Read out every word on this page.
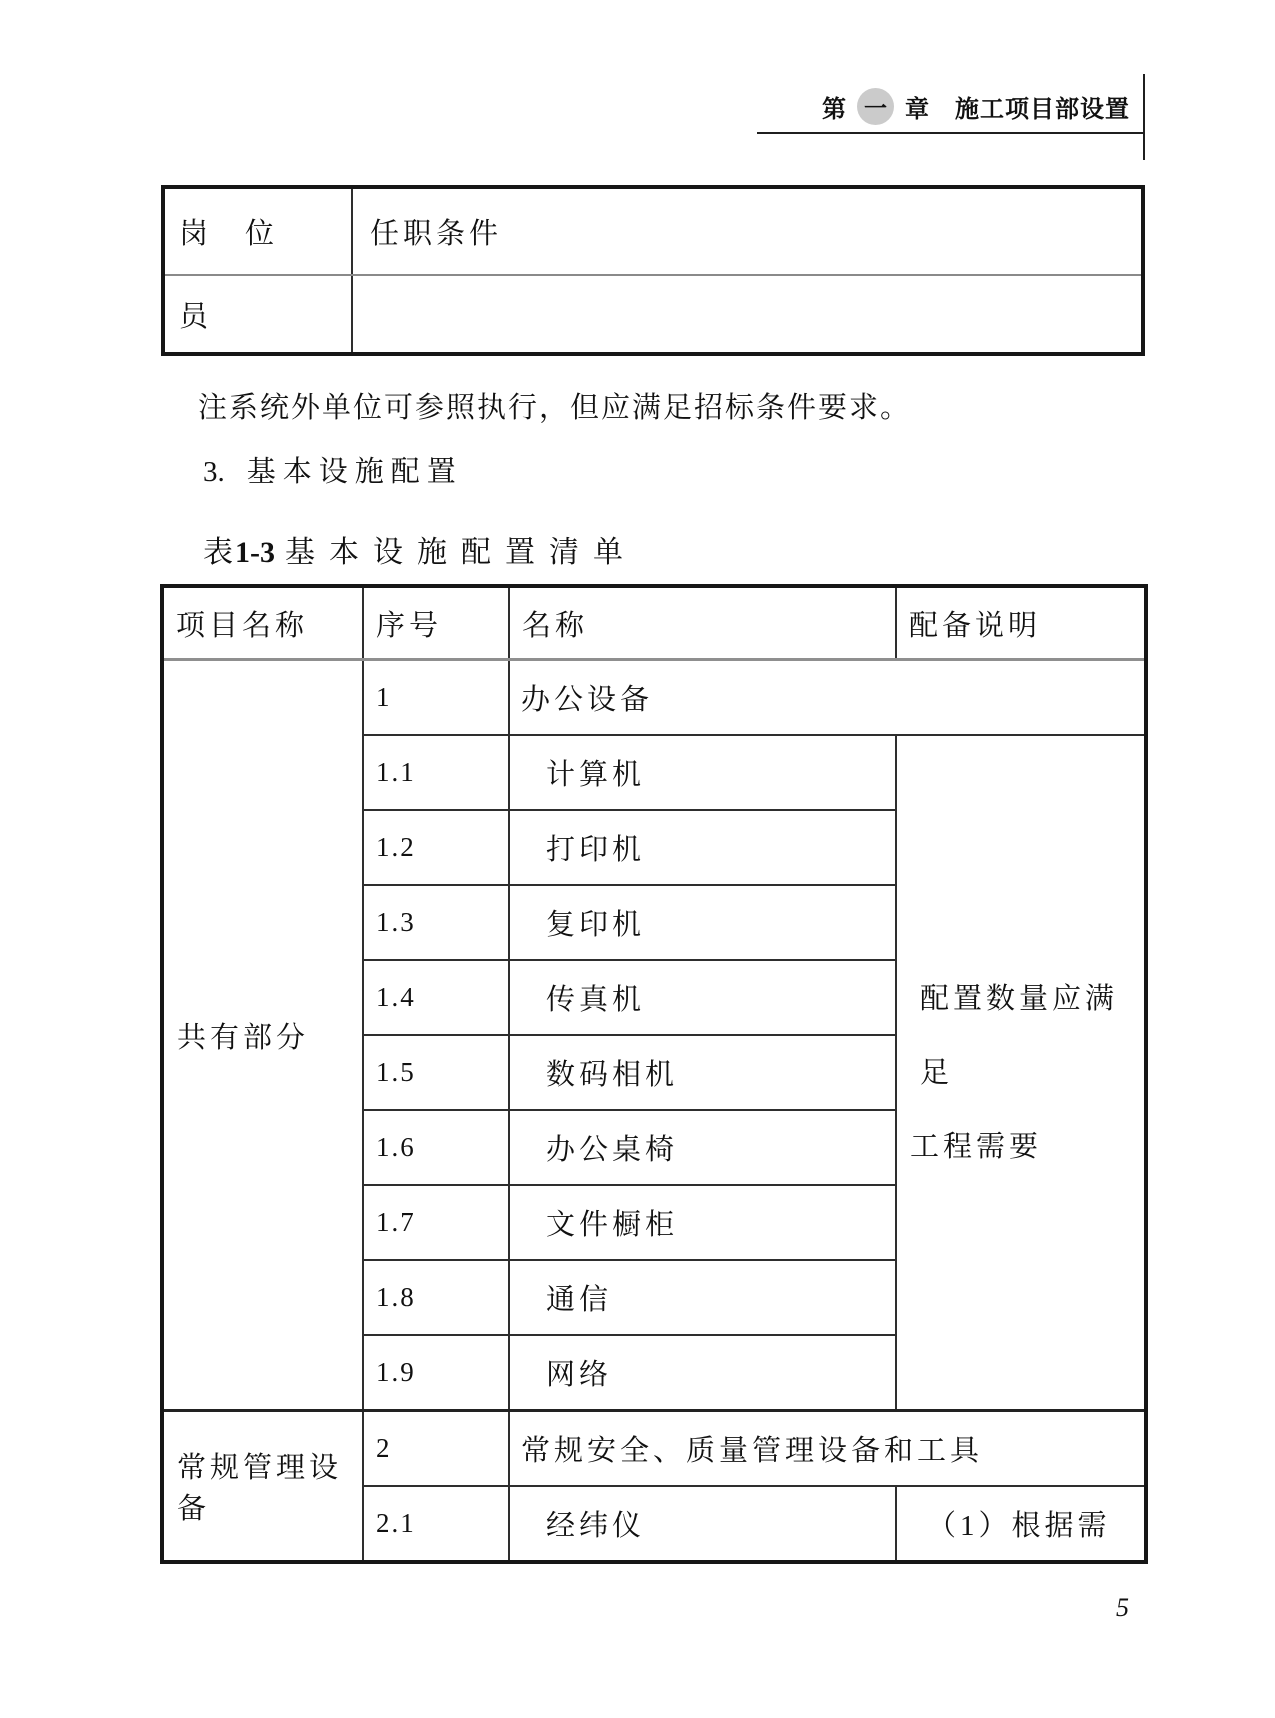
第 一 章 施工项目部设置
岗　位	任职条件
员	
注系统外单位可参照执行，但应满足招标条件要求。
3. 基本设施配置
表1-3 基本设施配置清单
项目名称	序号	名称	配备说明
共有部分	1	办公设备	
	1.1	计算机	配置数量应满足
工程需要

	1.2	打印机	
	1.3	复印机	
	1.4	传真机	
	1.5	数码相机	
	1.6	办公桌椅	
	1.7	文件橱柜	
	1.8	通信	
	1.9	网络	
常规管理设备	2	常规安全、质量管理设备和工具	
	2.1	经纬仪	（1）根据需
5
